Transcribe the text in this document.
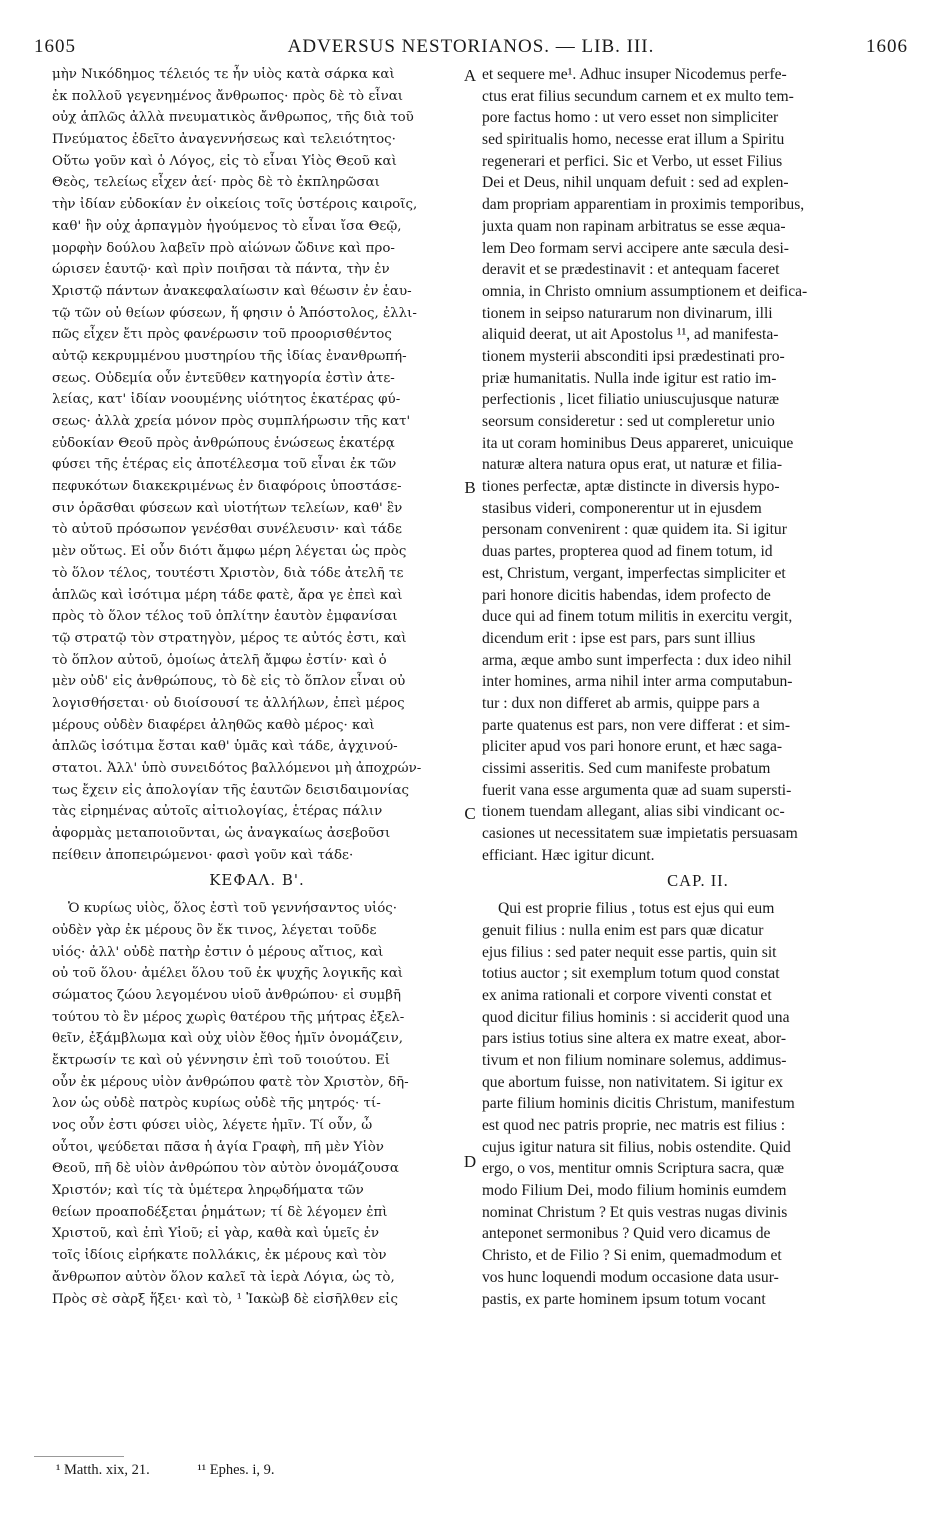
1605	ADVERSUS NESTORIANOS. — LIB. III.	1606
μὴν Νικόδημος τέλειός τε ἦν υἱὸς κατὰ σάρκα καὶ
ἐκ πολλοῦ γεγενημένος ἄνθρωπος· πρὸς δὲ τὸ εἶναι
οὐχ ἁπλῶς ἀλλὰ πνευματικὸς ἄνθρωπος, τῆς διὰ τοῦ
Πνεύματος ἐδεῖτο ἀναγεννήσεως καὶ τελειότητος·
Οὕτω γοῦν καὶ ὁ Λόγος, εἰς τὸ εἶναι Υἱὸς Θεοῦ καὶ
Θεὸς, τελείως εἶχεν ἀεί· πρὸς δὲ τὸ ἐκπληρῶσαι
τὴν ἰδίαν εὐδοκίαν ἐν οἰκείοις τοῖς ὑστέροις καιροῖς,
καθ' ἣν οὐχ ἁρπαγμὸν ἡγούμενος τὸ εἶναι ἴσα Θεῷ,
μορφὴν δούλου λαβεῖν πρὸ αἰώνων ὤδινε καὶ προ-
ώρισεν ἑαυτῷ· καὶ πρὶν ποιῆσαι τὰ πάντα, τὴν ἐν
Χριστῷ πάντων ἀνακεφαλαίωσιν καὶ θέωσιν ἐν ἑαυ-
τῷ τῶν οὐ θείων φύσεων, ἥ φησιν ὁ Ἀπόστολος, ἐλλι-
πῶς εἶχεν ἔτι πρὸς φανέρωσιν τοῦ προορισθέντος
αὐτῷ κεκρυμμένου μυστηρίου τῆς ἰδίας ἐνανθρωπή-
σεως. Οὐδεμία οὖν ἐντεῦθεν κατηγορία ἐστὶν ἀτε-
λείας, κατ' ἰδίαν νοουμένης υἱότητος ἑκατέρας φύ-
σεως· ἀλλὰ χρεία μόνον πρὸς συμπλήρωσιν τῆς κατ'
εὐδοκίαν Θεοῦ πρὸς ἀνθρώπους ἑνώσεως ἑκατέρᾳ
φύσει τῆς ἑτέρας εἰς ἀποτέλεσμα τοῦ εἶναι ἐκ τῶν
πεφυκότων διακεκριμένως ἐν διαφόροις ὑποστάσε-
σιν ὁρᾶσθαι φύσεων καὶ υἱοτήτων τελείων, καθ' ἓν
τὸ αὐτοῦ πρόσωπον γενέσθαι συνέλευσιν· καὶ τάδε
μὲν οὕτως. Εἰ οὖν διότι ἄμφω μέρη λέγεται ὡς πρὸς
τὸ ὅλον τέλος, τουτέστι Χριστὸν, διὰ τόδε ἀτελῆ τε
ἁπλῶς καὶ ἰσότιμα μέρη τάδε φατὲ, ἄρα γε ἐπεὶ καὶ
πρὸς τὸ ὅλον τέλος τοῦ ὁπλίτην ἑαυτὸν ἐμφανίσαι
τῷ στρατῷ τὸν στρατηγὸν, μέρος τε αὐτός ἐστι, καὶ
τὸ ὅπλον αὐτοῦ, ὁμοίως ἀτελῆ ἄμφω ἐστίν· καὶ ὁ
μὲν οὐδ' εἰς ἀνθρώπους, τὸ δὲ εἰς τὸ ὅπλον εἶναι οὐ
λογισθήσεται· οὐ διοίσουσί τε ἀλλήλων, ἐπεὶ μέρος
μέρους οὐδὲν διαφέρει ἀληθῶς καθὸ μέρος· καὶ
ἁπλῶς ἰσότιμα ἔσται καθ' ὑμᾶς καὶ τάδε, ἀγχινού-
στατοι. Ἀλλ' ὑπὸ συνειδότος βαλλόμενοι μὴ ἀποχρών-
τως ἔχειν εἰς ἀπολογίαν τῆς ἑαυτῶν δεισιδαιμονίας
τὰς εἰρημένας αὐτοῖς αἰτιολογίας, ἑτέρας πάλιν
ἀφορμὰς μεταποιοῦνται, ὡς ἀναγκαίως ἀσεβοῦσι
πείθειν ἀποπειρώμενοι· φασὶ γοῦν καὶ τάδε·
ΚΕΦΑΛ. Β'.
Ὁ κυρίως υἱὸς, ὅλος ἐστὶ τοῦ γεννήσαντος υἱός·
οὐδὲν γὰρ ἐκ μέρους ὂν ἔκ τινος, λέγεται τοῦδε
υἱός· ἀλλ' οὐδὲ πατὴρ ἐστιν ὁ μέρους αἴτιος, καὶ
οὐ τοῦ ὅλου· ἀμέλει ὅλου τοῦ ἐκ ψυχῆς λογικῆς καὶ
σώματος ζώου λεγομένου υἱοῦ ἀνθρώπου· εἰ συμβῆ
τούτου τὸ ἓν μέρος χωρὶς θατέρου τῆς μήτρας ἐξελ-
θεῖν, ἐξάμβλωμα καὶ οὐχ υἱὸν ἔθος ἡμῖν ὀνομάζειν,
ἔκτρωσίν τε καὶ οὐ γέννησιν ἐπὶ τοῦ τοιούτου. Εἰ
οὖν ἐκ μέρους υἱὸν ἀνθρώπου φατὲ τὸν Χριστὸν, δῆ-
λον ὡς οὐδὲ πατρὸς κυρίως οὐδὲ τῆς μητρός· τί-
νος οὖν ἐστι φύσει υἱὸς, λέγετε ἡμῖν. Τί οὖν, ὦ
οὗτοι, ψεύδεται πᾶσα ἡ ἁγία Γραφὴ, πῆ μὲν Υἱὸν
Θεοῦ, πῆ δὲ υἱὸν ἀνθρώπου τὸν αὐτὸν ὀνομάζουσα
Χριστόν; καὶ τίς τὰ ὑμέτερα ληρῳδήματα τῶν
θείων προαποδέξεται ῥημάτων; τί δὲ λέγομεν ἐπὶ
Χριστοῦ, καὶ ἐπὶ Υἱοῦ; εἰ γὰρ, καθὰ καὶ ὑμεῖς ἐν
τοῖς ἰδίοις εἰρήκατε πολλάκις, ἐκ μέρους καὶ τὸν
ἄνθρωπον αὐτὸν ὅλον καλεῖ τὰ ἱερὰ Λόγια, ὡς τὸ,
Πρὸς σὲ σὰρξ ἥξει· καὶ τὸ, ¹ Ἰακὼβ δὲ εἰσῆλθεν εἰς
et sequere me¹. Adhuc insuper Nicodemus perfe-
ctus erat filius secundum carnem et ex multo tem-
pore factus homo : ut vero esset non simpliciter
sed spiritualis homo, necesse erat illum a Spiritu
regenerari et perfici. Sic et Verbo, ut esset Filius
Dei et Deus, nihil unquam defuit : sed ad explen-
dam propriam apparentiam in proximis temporibus,
juxta quam non rapinam arbitratus se esse æqua-
lem Deo formam servi accipere ante sæcula desi-
deravit et se prædestinavit : et antequam faceret
omnia, in Christo omnium assumptionem et deifica-
tionem in seipso naturarum non divinarum, illi
aliquid deerat, ut ait Apostolus ¹¹, ad manifesta-
tionem mysterii absconditi ipsi prædestinati pro-
priæ humanitatis. Nulla inde igitur est ratio im-
perfectionis , licet filiatio uniuscujusque naturæ
seorsum consideretur : sed ut compleretur unio
ita ut coram hominibus Deus appareret, unicuique
naturæ altera natura opus erat, ut naturæ et filia-
tiones perfectæ, aptæ distincte in diversis hypo-
stasibus videri, componerentur ut in ejusdem
personam convenirent : quæ quidem ita. Si igitur
duas partes, propterea quod ad finem totum, id
est, Christum, vergant, imperfectas simpliciter et
pari honore dicitis habendas, idem profecto de
duce qui ad finem totum militis in exercitu vergit,
dicendum erit : ipse est pars, pars sunt illius
arma, æque ambo sunt imperfecta : dux ideo nihil
inter homines, arma nihil inter arma computabun-
tur : dux non differet ab armis, quippe pars a
parte quatenus est pars, non vere differat : et sim-
pliciter apud vos pari honore erunt, et hæc saga-
cissimi asseritis. Sed cum manifeste probatum
fuerit vana esse argumenta quæ ad suam supersti-
tionem tuendam allegant, alias sibi vindicant oc-
casiones ut necessitatem suæ impietatis persuasam
efficiant. Hæc igitur dicunt.
CAP. II.
Qui est proprie filius , totus est ejus qui eum
genuit filius : nulla enim est pars quæ dicatur
ejus filius : sed pater nequit esse partis, quin sit
totius auctor ; sit exemplum totum quod constat
ex anima rationali et corpore viventi constat et
quod dicitur filius hominis : si acciderit quod una
pars istius totius sine altera ex matre exeat, abor-
tivum et non filium nominare solemus, addimus-
que abortum fuisse, non nativitatem. Si igitur ex
parte filium hominis dicitis Christum, manifestum
est quod nec patris proprie, nec matris est filius :
cujus igitur natura sit filius, nobis ostendite. Quid
ergo, o vos, mentitur omnis Scriptura sacra, quæ
modo Filium Dei, modo filium hominis eumdem
nominat Christum ? Et quis vestras nugas divinis
anteponet sermonibus ? Quid vero dicamus de
Christo, et de Filio ? Si enim, quemadmodum et
vos hunc loquendi modum occasione data usur-
pastis, ex parte hominem ipsum totum vocant
A
B
C
D
¹ Matth. xix, 21.	¹¹ Ephes. i, 9.
